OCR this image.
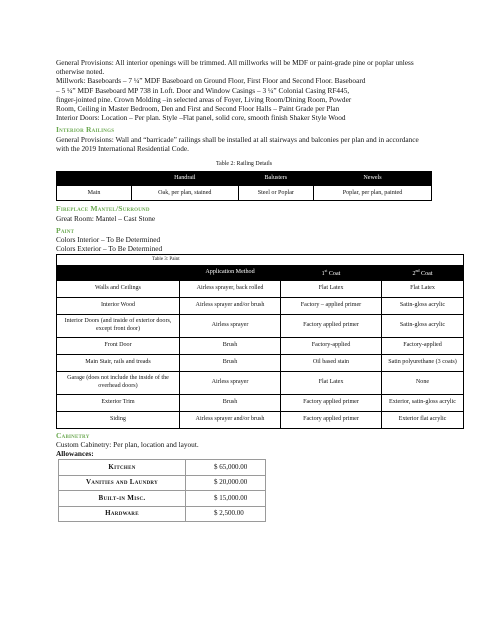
General Provisions: All interior openings will be trimmed. All millworks will be MDF or paint-grade pine or poplar unless otherwise noted.

Millwork: Baseboards – 7 ¼” MDF Baseboard on Ground Floor, First Floor and Second Floor. Baseboard

– 5 ¼” MDF Baseboard MP 738 in Loft. Door and Window Casings – 3 ¼” Colonial Casing RF445,

finger-jointed pine. Crown Molding –in selected areas of Foyer, Living Room/Dining Room, Powder

Room, Ceiling in Master Bedroom, Den and First and Second Floor Halls – Paint Grade per Plan

Interior Doors: Location – Per plan. Style –Flat panel, solid core, smooth finish Shaker Style Wood

Interior Railings

General Provisions: Wall and “barricade” railings shall be installed at all stairways and balconies per plan and in accordance with the 2019 International Residential Code.

Table 2: Railing Details
	Handrail	Balusters	Newels
Main	Oak, per plan, stained	Steel or Poplar	Poplar, per plan, painted
Fireplace Mantel/Surround

Great Room: Mantel – Cast Stone

Paint

Colors Interior – To Be Determined

Colors Exterior – To Be Determined

Table 3: Paint			
	Application Method	1st Coat	2nd Coat
Walls and Ceilings	Airless sprayer, back rolled	Flat Latex	Flat Latex
Interior Wood	Airless sprayer and/or brush	Factory – applied primer	Satin-gloss acrylic
Interior Doors (and inside of exterior doors, except front door)	Airless sprayer	Factory applied primer	Satin-gloss acrylic
Front Door	Brush	Factory-applied	Factory-applied
Main Stair, rails and treads	Brush	Oil based stain	Satin polyurethane (3 coats)
Garage (does not include the inside of the overhead doors)	Airless sprayer	Flat Latex	None
Exterior Trim	Brush	Factory applied primer	Exterior, satin-gloss acrylic
Siding	Airless sprayer and/or brush	Factory applied primer	Exterior flat acrylic
Cabinetry

Custom Cabinetry: Per plan, location and layout.

Allowances:

Kitchen	$ 65,000.00
Vanities and Laundry	$ 20,000.00
Built-in Misc.	$ 15,000.00
Hardware	$ 2,500.00
